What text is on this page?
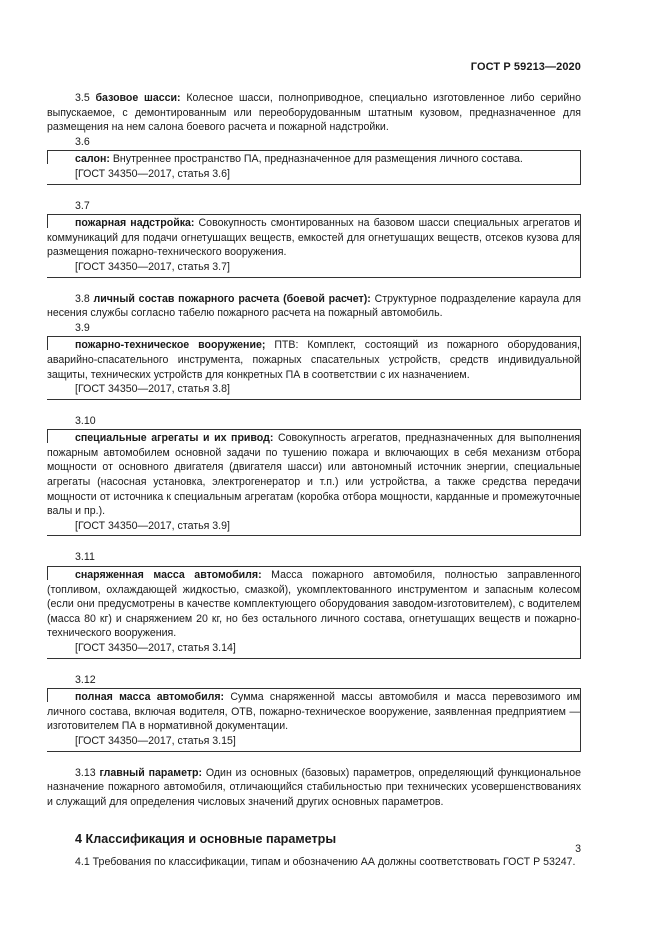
ГОСТ Р 59213—2020

3.5 базовое шасси: Колесное шасси, полноприводное, специально изготовленное либо серийно выпускаемое, с демонтированным или переоборудованным штатным кузовом, предназначенное для размещения на нем салона боевого расчета и пожарной надстройки.

3.6

салон: Внутреннее пространство ПА, предназначенное для размещения личного состава.

[ГОСТ 34350—2017, статья 3.6]
3.7

пожарная надстройка: Совокупность смонтированных на базовом шасси специальных агрегатов и коммуникаций для подачи огнетушащих веществ, емкостей для огнетушащих веществ, отсеков кузова для размещения пожарно-технического вооружения.

[ГОСТ 34350—2017, статья 3.7]

3.8 личный состав пожарного расчета (боевой расчет): Структурное подразделение караула для несения службы согласно табелю пожарного расчета на пожарный автомобиль.

3.9

пожарно-техническое вооружение; ПТВ: Комплект, состоящий из пожарного оборудования, аварийно-спасательного инструмента, пожарных спасательных устройств, средств индивидуальной защиты, технических устройств для конкретных ПА в соответствии с их назначением.

[ГОСТ 34350—2017, статья 3.8]
3.10

специальные агрегаты и их привод: Совокупность агрегатов, предназначенных для выполнения пожарным автомобилем основной задачи по тушению пожара и включающих в себя механизм отбора мощности от основного двигателя (двигателя шасси) или автономный источник энергии, специальные агрегаты (насосная установка, электрогенератор и т.п.) или устройства, а также средства передачи мощности от источника к специальным агрегатам (коробка отбора мощности, карданные и промежуточные валы и пр.).

[ГОСТ 34350—2017, статья 3.9]
3.11

снаряженная масса автомобиля: Масса пожарного автомобиля, полностью заправленного (топливом, охлаждающей жидкостью, смазкой), укомплектованного инструментом и запасным колесом (если они предусмотрены в качестве комплектующего оборудования заводом-изготовителем), с водителем (масса 80 кг) и снаряжением 20 кг, но без остального личного состава, огнетушащих веществ и пожарно-технического вооружения.

[ГОСТ 34350—2017, статья 3.14]
3.12

полная масса автомобиля: Сумма снаряженной массы автомобиля и масса перевозимого им личного состава, включая водителя, ОТВ, пожарно-техническое вооружение, заявленная предприятием — изготовителем ПА в нормативной документации.

[ГОСТ 34350—2017, статья 3.15]

3.13 главный параметр: Один из основных (базовых) параметров, определяющий функциональное назначение пожарного автомобиля, отличающийся стабильностью при технических усовершенствованиях и служащий для определения числовых значений других основных параметров.

4 Классификация и основные параметры

4.1 Требования по классификации, типам и обозначению АА должны соответствовать ГОСТ Р 53247.

3
